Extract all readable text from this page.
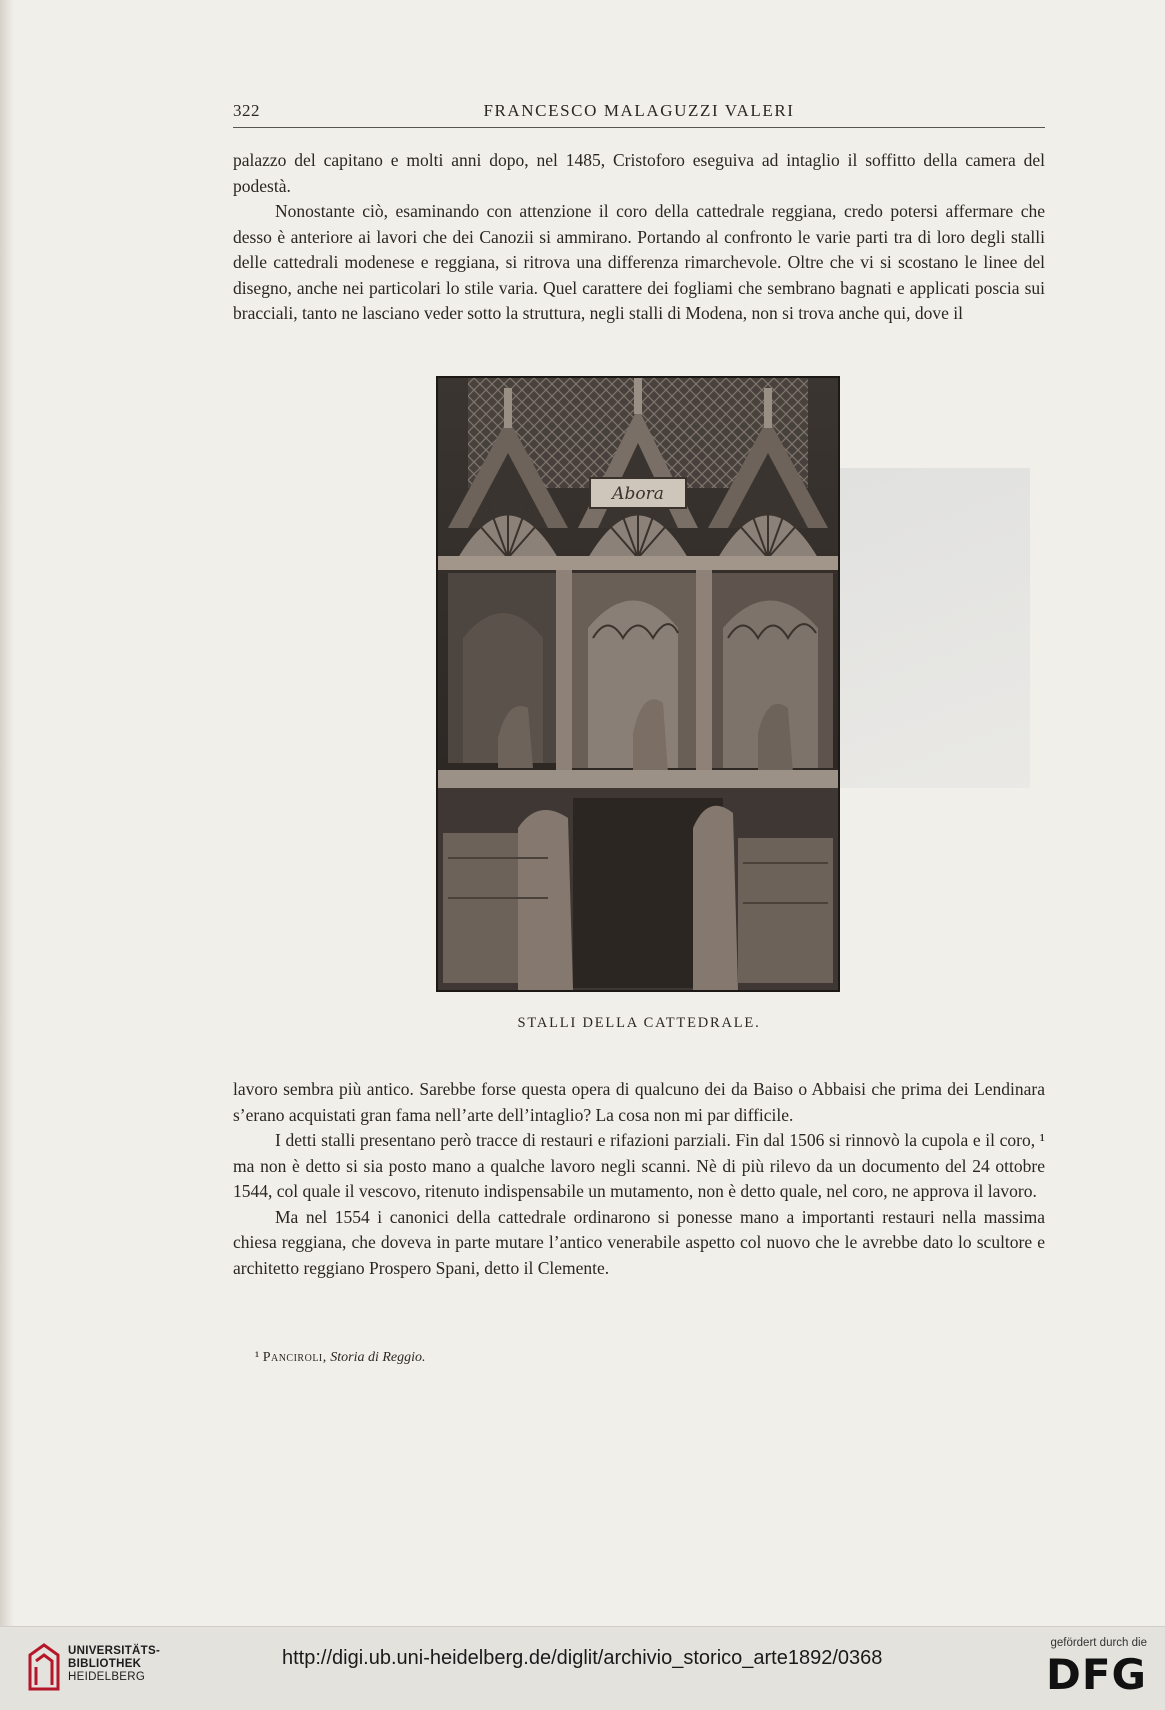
322	FRANCESCO MALAGUZZI VALERI

palazzo del capitano e molti anni dopo, nel 1485, Cristoforo eseguiva ad intaglio il soffitto della camera del podestà.

Nonostante ciò, esaminando con attenzione il coro della cattedrale reggiana, credo potersi affermare che desso è anteriore ai lavori che dei Canozii si ammirano. Portando al confronto le varie parti tra di loro degli stalli delle cattedrali modenese e reggiana, si ritrova una differenza rimarchevole. Oltre che vi si scostano le linee del disegno, anche nei particolari lo stile varia. Quel carattere dei fogliami che sembrano bagnati e applicati poscia sui bracciali, tanto ne lasciano veder sotto la struttura, negli stalli di Modena, non si trova anche qui, dove il

Abora
STALLI DELLA CATTEDRALE.

lavoro sembra più antico. Sarebbe forse questa opera di qualcuno dei da Baiso o Abbaisi che prima dei Lendinara s’erano acquistati gran fama nell’arte dell’intaglio? La cosa non mi par difficile.

I detti stalli presentano però tracce di restauri e rifazioni parziali. Fin dal 1506 si rinnovò la cupola e il coro, ¹ ma non è detto si sia posto mano a qualche lavoro negli scanni. Nè di più rilevo da un documento del 24 ottobre 1544, col quale il vescovo, ritenuto indispensabile un mutamento, non è detto quale, nel coro, ne approva il lavoro.

Ma nel 1554 i canonici della cattedrale ordinarono si ponesse mano a importanti restauri nella massima chiesa reggiana, che doveva in parte mutare l’antico venerabile aspetto col nuovo che le avrebbe dato lo scultore e architetto reggiano Prospero Spani, detto il Clemente.

¹ Panciroli, Storia di Reggio.
UNIVERSITÄTS-
BIBLIOTHEK
HEIDELBERG
http://digi.ub.uni-heidelberg.de/diglit/archivio_storico_arte1892/0368
gefördert durch die
DFG
